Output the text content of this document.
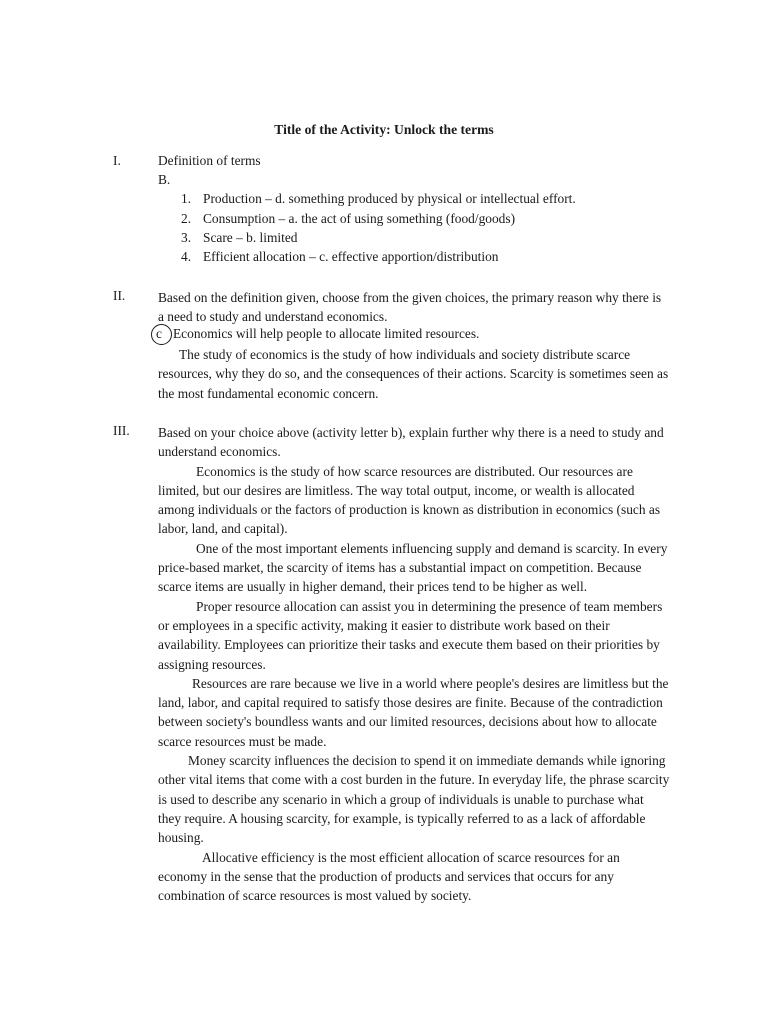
Title of the Activity: Unlock the terms
I.	Definition of terms
B.
1. Production – d. something produced by physical or intellectual effort.
2. Consumption – a. the act of using something (food/goods)
3. Scare – b. limited
4. Efficient allocation – c. effective apportion/distribution
II. Based on the definition given, choose from the given choices, the primary reason why there is a need to study and understand economics.

c Economics will help people to allocate limited resources.

The study of economics is the study of how individuals and society distribute scarce resources, why they do so, and the consequences of their actions. Scarcity is sometimes seen as the most fundamental economic concern.

III. Based on your choice above (activity letter b), explain further why there is a need to study and understand economics.

Economics is the study of how scarce resources are distributed. Our resources are limited, but our desires are limitless. The way total output, income, or wealth is allocated among individuals or the factors of production is known as distribution in economics (such as labor, land, and capital).

One of the most important elements influencing supply and demand is scarcity. In every price-based market, the scarcity of items has a substantial impact on competition. Because scarce items are usually in higher demand, their prices tend to be higher as well.

Proper resource allocation can assist you in determining the presence of team members or employees in a specific activity, making it easier to distribute work based on their availability. Employees can prioritize their tasks and execute them based on their priorities by assigning resources.

Resources are rare because we live in a world where people's desires are limitless but the land, labor, and capital required to satisfy those desires are finite. Because of the contradiction between society's boundless wants and our limited resources, decisions about how to allocate scarce resources must be made.

Money scarcity influences the decision to spend it on immediate demands while ignoring other vital items that come with a cost burden in the future. In everyday life, the phrase scarcity is used to describe any scenario in which a group of individuals is unable to purchase what they require. A housing scarcity, for example, is typically referred to as a lack of affordable housing.

Allocative efficiency is the most efficient allocation of scarce resources for an economy in the sense that the production of products and services that occurs for any combination of scarce resources is most valued by society.
